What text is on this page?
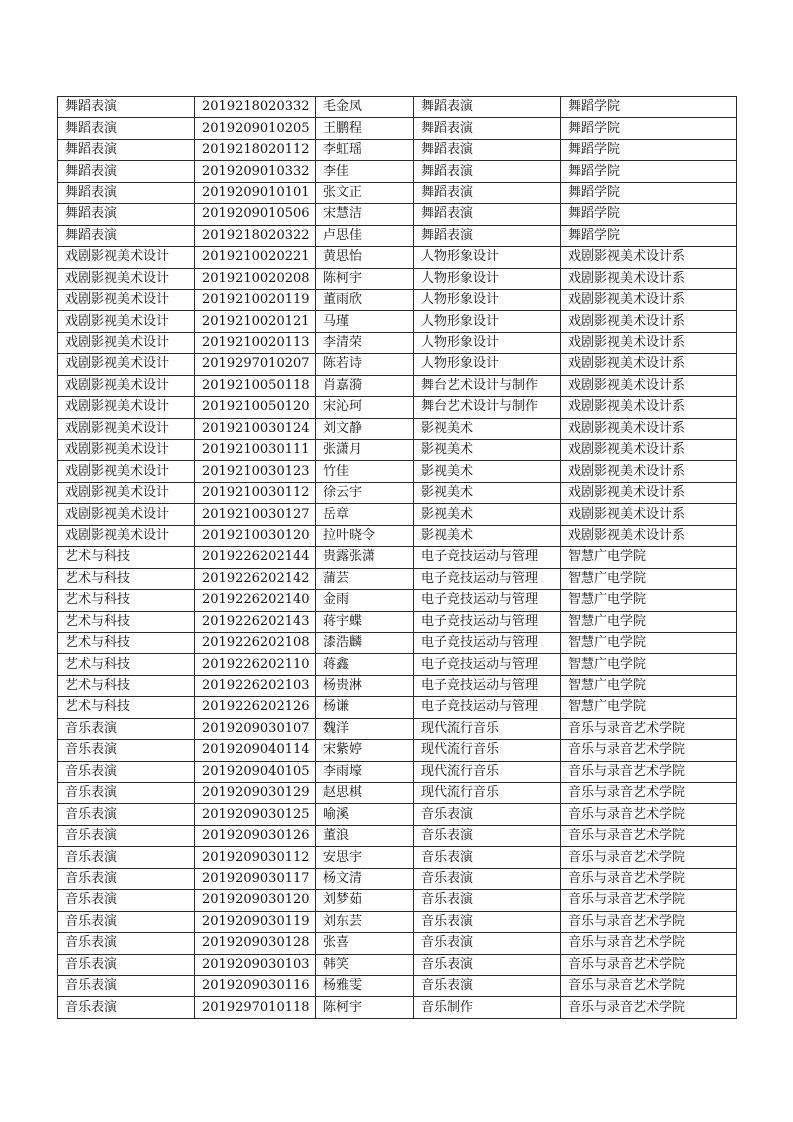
舞蹈表演	2019218020332	毛金凤	舞蹈表演	舞蹈学院
舞蹈表演	2019209010205	王鹏程	舞蹈表演	舞蹈学院
舞蹈表演	2019218020112	李虹瑶	舞蹈表演	舞蹈学院
舞蹈表演	2019209010332	李佳	舞蹈表演	舞蹈学院
舞蹈表演	2019209010101	张文正	舞蹈表演	舞蹈学院
舞蹈表演	2019209010506	宋慧洁	舞蹈表演	舞蹈学院
舞蹈表演	2019218020322	卢思佳	舞蹈表演	舞蹈学院
戏剧影视美术设计	2019210020221	黄思怡	人物形象设计	戏剧影视美术设计系
戏剧影视美术设计	2019210020208	陈柯宇	人物形象设计	戏剧影视美术设计系
戏剧影视美术设计	2019210020119	董雨欣	人物形象设计	戏剧影视美术设计系
戏剧影视美术设计	2019210020121	马瑾	人物形象设计	戏剧影视美术设计系
戏剧影视美术设计	2019210020113	李清荣	人物形象设计	戏剧影视美术设计系
戏剧影视美术设计	2019297010207	陈若诗	人物形象设计	戏剧影视美术设计系
戏剧影视美术设计	2019210050118	肖嘉漪	舞台艺术设计与制作	戏剧影视美术设计系
戏剧影视美术设计	2019210050120	宋沁珂	舞台艺术设计与制作	戏剧影视美术设计系
戏剧影视美术设计	2019210030124	刘文静	影视美术	戏剧影视美术设计系
戏剧影视美术设计	2019210030111	张潇月	影视美术	戏剧影视美术设计系
戏剧影视美术设计	2019210030123	竹佳	影视美术	戏剧影视美术设计系
戏剧影视美术设计	2019210030112	徐云宇	影视美术	戏剧影视美术设计系
戏剧影视美术设计	2019210030127	岳章	影视美术	戏剧影视美术设计系
戏剧影视美术设计	2019210030120	拉叶晓令	影视美术	戏剧影视美术设计系
艺术与科技	2019226202144	贵露张潇	电子竞技运动与管理	智慧广电学院
艺术与科技	2019226202142	蒲芸	电子竞技运动与管理	智慧广电学院
艺术与科技	2019226202140	金雨	电子竞技运动与管理	智慧广电学院
艺术与科技	2019226202143	蒋宇蝶	电子竞技运动与管理	智慧广电学院
艺术与科技	2019226202108	漆浩麟	电子竞技运动与管理	智慧广电学院
艺术与科技	2019226202110	蒋鑫	电子竞技运动与管理	智慧广电学院
艺术与科技	2019226202103	杨贵淋	电子竞技运动与管理	智慧广电学院
艺术与科技	2019226202126	杨谦	电子竞技运动与管理	智慧广电学院
音乐表演	2019209030107	魏洋	现代流行音乐	音乐与录音艺术学院
音乐表演	2019209040114	宋紫婷	现代流行音乐	音乐与录音艺术学院
音乐表演	2019209040105	李雨壕	现代流行音乐	音乐与录音艺术学院
音乐表演	2019209030129	赵思棋	现代流行音乐	音乐与录音艺术学院
音乐表演	2019209030125	喻溪	音乐表演	音乐与录音艺术学院
音乐表演	2019209030126	董浪	音乐表演	音乐与录音艺术学院
音乐表演	2019209030112	安思宇	音乐表演	音乐与录音艺术学院
音乐表演	2019209030117	杨文清	音乐表演	音乐与录音艺术学院
音乐表演	2019209030120	刘梦茹	音乐表演	音乐与录音艺术学院
音乐表演	2019209030119	刘东芸	音乐表演	音乐与录音艺术学院
音乐表演	2019209030128	张喜	音乐表演	音乐与录音艺术学院
音乐表演	2019209030103	韩笑	音乐表演	音乐与录音艺术学院
音乐表演	2019209030116	杨雅雯	音乐表演	音乐与录音艺术学院
音乐表演	2019297010118	陈柯宇	音乐制作	音乐与录音艺术学院
